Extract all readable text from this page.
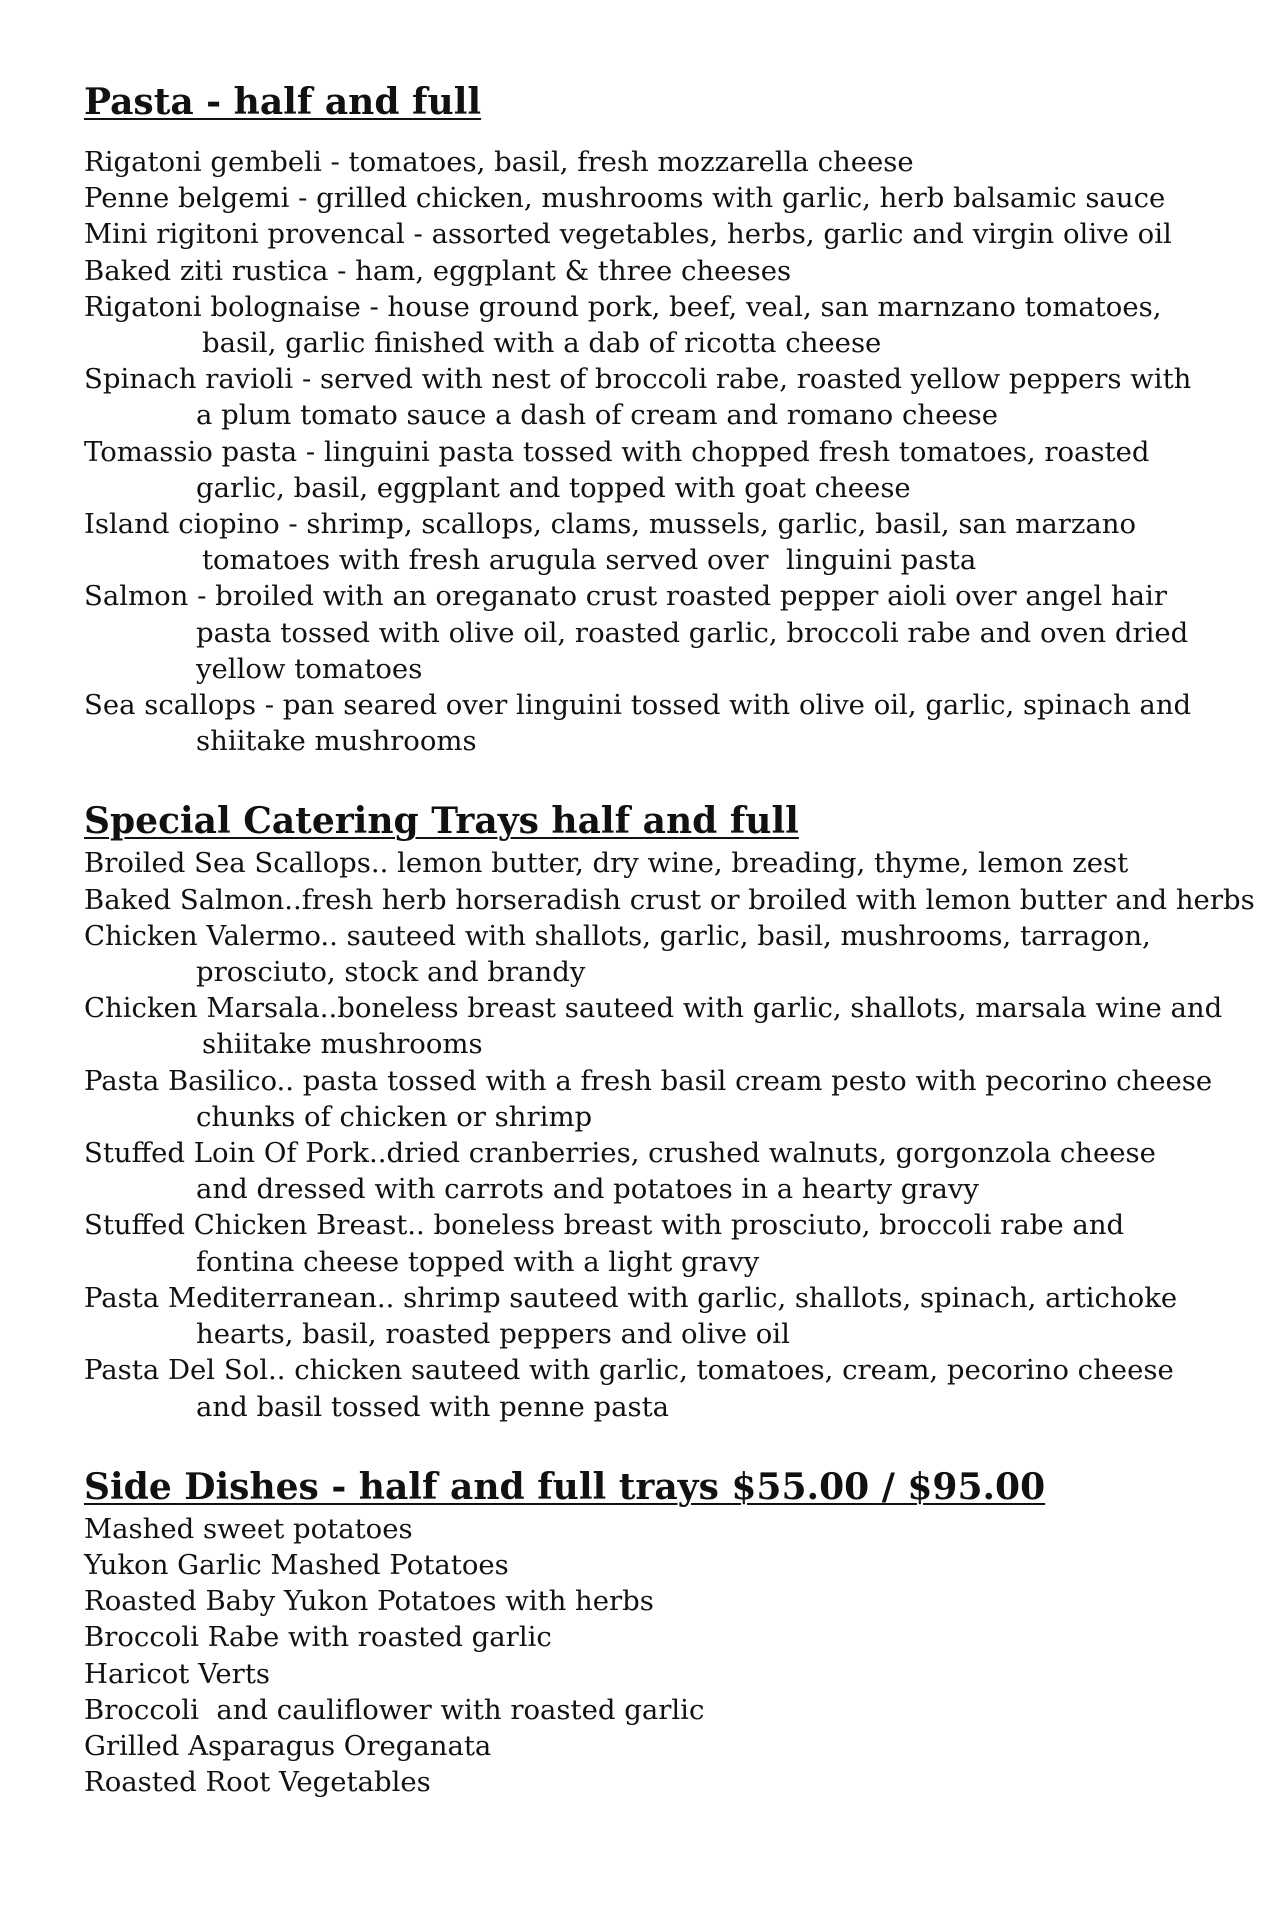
Pasta - half and full

Rigatoni gembeli - tomatoes, basil, fresh mozzarella cheese

Penne belgemi - grilled chicken, mushrooms with garlic, herb balsamic sauce

Mini rigitoni provencal - assorted vegetables, herbs, garlic and virgin olive oil

Baked ziti rustica - ham, eggplant & three cheeses

Rigatoni bolognaise - house ground pork, beef, veal, san marnzano tomatoes,

basil, garlic finished with a dab of ricotta cheese

Spinach ravioli - served with nest of broccoli rabe, roasted yellow peppers with

a plum tomato sauce a dash of cream and romano cheese

Tomassio pasta - linguini pasta tossed with chopped fresh tomatoes, roasted

garlic, basil, eggplant and topped with goat cheese

Island ciopino - shrimp, scallops, clams, mussels, garlic, basil, san marzano

tomatoes with fresh arugula served over  linguini pasta

Salmon - broiled with an oreganato crust roasted pepper aioli over angel hair

pasta tossed with olive oil, roasted garlic, broccoli rabe and oven dried

yellow tomatoes

Sea scallops - pan seared over linguini tossed with olive oil, garlic, spinach and

shiitake mushrooms

Special Catering Trays half and full

Broiled Sea Scallops.. lemon butter, dry wine, breading, thyme, lemon zest

Baked Salmon..fresh herb horseradish crust or broiled with lemon butter and herbs

Chicken Valermo.. sauteed with shallots, garlic, basil, mushrooms, tarragon,

prosciuto, stock and brandy

Chicken Marsala..boneless breast sauteed with garlic, shallots, marsala wine and

shiitake mushrooms

Pasta Basilico.. pasta tossed with a fresh basil cream pesto with pecorino cheese

chunks of chicken or shrimp

Stuffed Loin Of Pork..dried cranberries, crushed walnuts, gorgonzola cheese

and dressed with carrots and potatoes in a hearty gravy

Stuffed Chicken Breast.. boneless breast with prosciuto, broccoli rabe and

fontina cheese topped with a light gravy

Pasta Mediterranean.. shrimp sauteed with garlic, shallots, spinach, artichoke

hearts, basil, roasted peppers and olive oil

Pasta Del Sol.. chicken sauteed with garlic, tomatoes, cream, pecorino cheese

and basil tossed with penne pasta

Side Dishes - half and full trays $55.00 / $95.00

Mashed sweet potatoes

Yukon Garlic Mashed Potatoes

Roasted Baby Yukon Potatoes with herbs

Broccoli Rabe with roasted garlic

Haricot Verts

Broccoli  and cauliflower with roasted garlic

Grilled Asparagus Oreganata

Roasted Root Vegetables
